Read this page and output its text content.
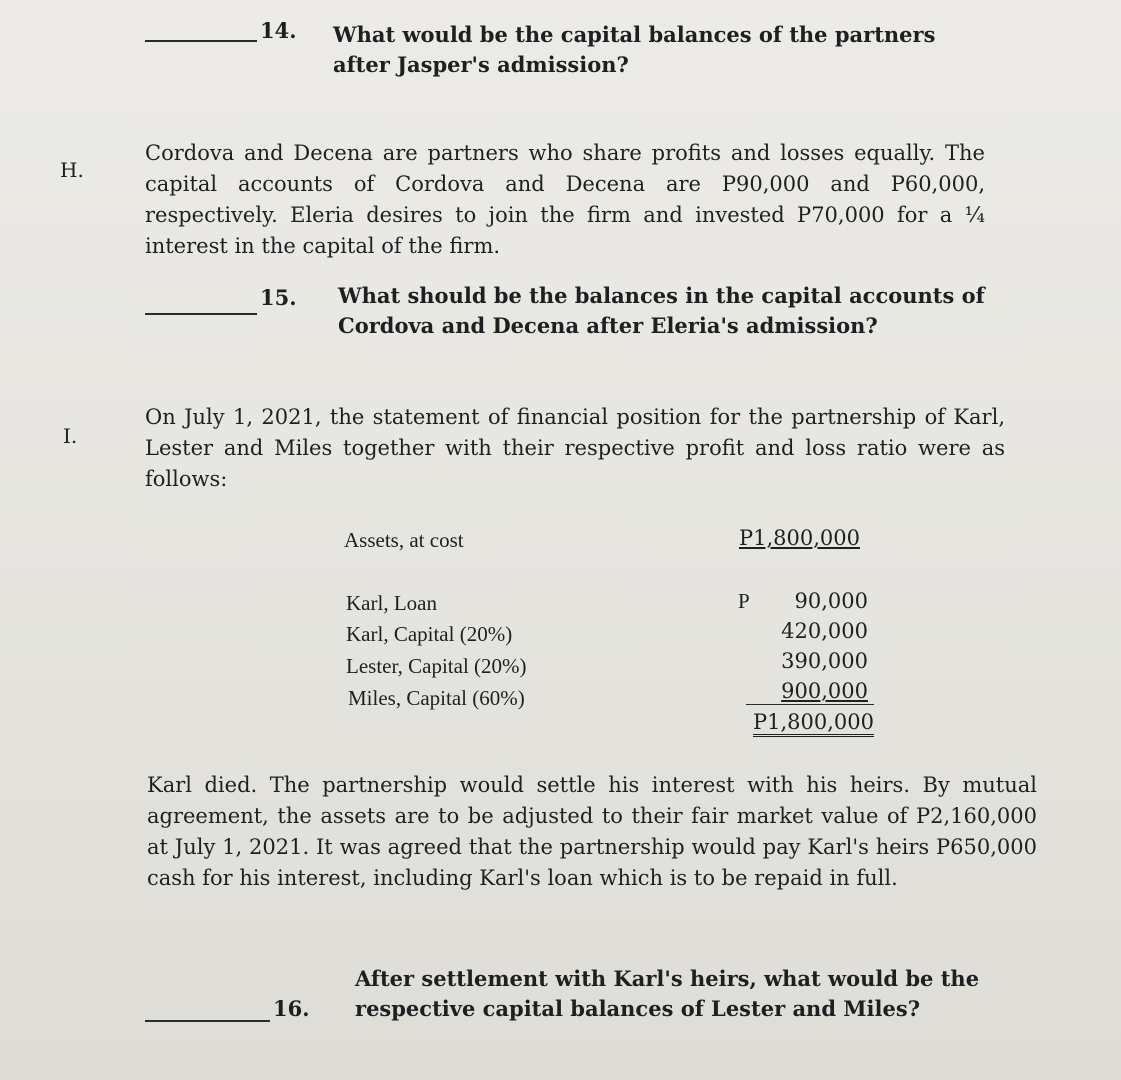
14. What would be the capital balances of the partners
after Jasper's admission?
H.
Cordova and Decena are partners who share profits and losses equally. The capital accounts of Cordova and Decena are P90,000 and P60,000, respectively. Eleria desires to join the firm and invested P70,000 for a ¼ interest in the capital of the firm.
15. What should be the balances in the capital accounts of
Cordova and Decena after Eleria's admission?
I.
On July 1, 2021, the statement of financial position for the partnership of Karl, Lester and Miles together with their respective profit and loss ratio were as follows:
Assets, at cost	P1,800,000
Karl, Loan	P	90,000
Karl, Capital (20%)	420,000
Lester, Capital (20%)	390,000
Miles, Capital (60%)	900,000
P1,800,000
Karl died. The partnership would settle his interest with his heirs. By mutual agreement, the assets are to be adjusted to their fair market value of P2,160,000 at July 1, 2021. It was agreed that the partnership would pay Karl's heirs P650,000 cash for his interest, including Karl's loan which is to be repaid in full.
16.
After settlement with Karl's heirs, what would be the
respective capital balances of Lester and Miles?
